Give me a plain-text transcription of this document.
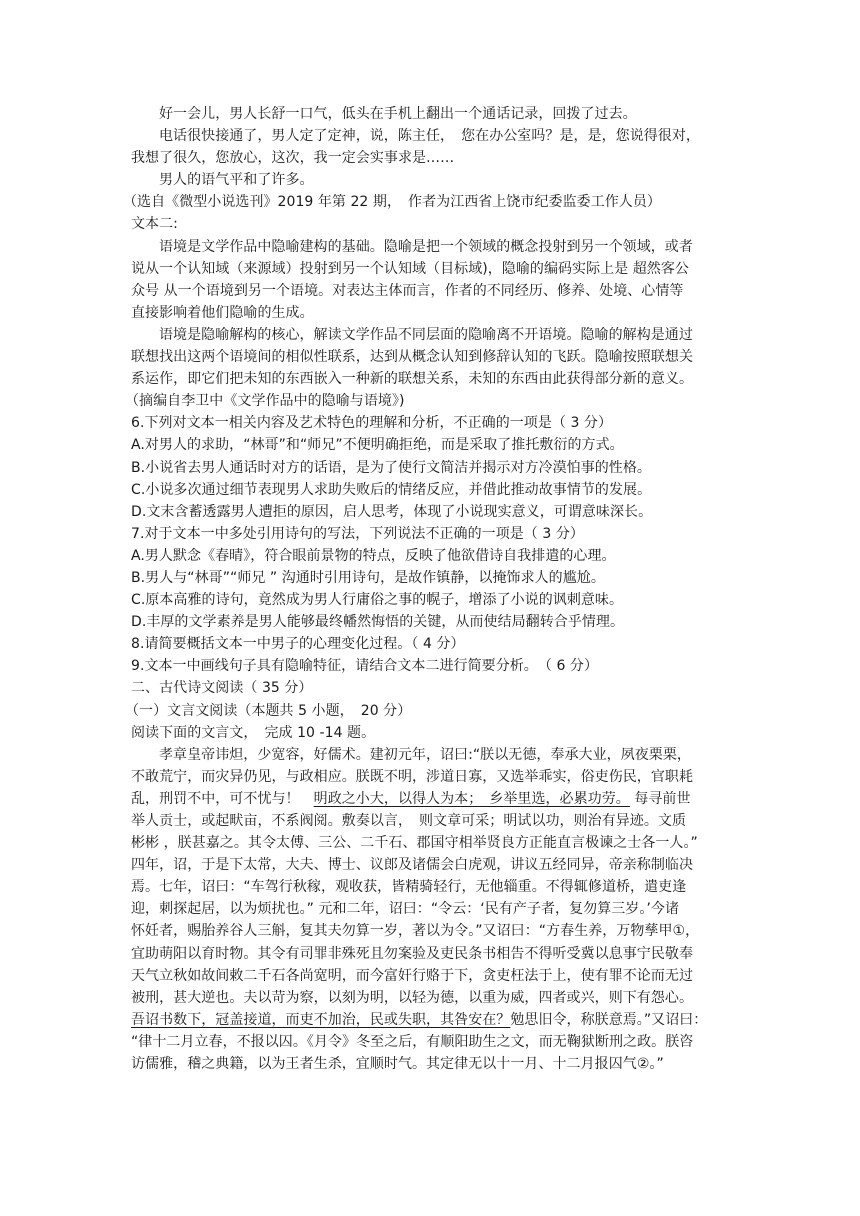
好一会儿，男人长舒一口气，低头在手机上翻出一个通话记录，回拨了过去。
电话很快接通了，男人定了定神，说，陈主任，　您在办公室吗？是，是，您说得很对，
我想了很久，您放心，这次，我一定会实事求是……
男人的语气平和了许多。
（选自《微型小说选刊》2019 年第 22 期，　作者为江西省上饶市纪委监委工作人员）
文本二:
语境是文学作品中隐喻建构的基础。隐喻是把一个领域的概念投射到另一个领域，或者
说从一个认知域（来源域）投射到另一个认知域（目标域)，隐喻的编码实际上是 超然客公
众号 从一个语境到另一个语境。对表达主体而言，作者的不同经历、修养、处境、心情等
直接影响着他们隐喻的生成。
语境是隐喻解构的核心，解读文学作品不同层面的隐喻离不开语境。隐喻的解构是通过
联想找出这两个语境间的相似性联系，达到从概念认知到修辞认知的飞跃。隐喻按照联想关
系运作，即它们把未知的东西嵌入一种新的联想关系，未知的东西由此获得部分新的意义。
（摘编自李卫中《文学作品中的隐喻与语境》)
6.下列对文本一相关内容及艺术特色的理解和分析，不正确的一项是（ 3 分）
A.对男人的求助，“林哥”和“师兄”不便明确拒绝，而是采取了推托敷衍的方式。
B.小说省去男人通话时对方的话语，是为了使行文简洁并揭示对方冷漠怕事的性格。
C.小说多次通过细节表现男人求助失败后的情绪反应，并借此推动故事情节的发展。
D.文末含蓄透露男人遭拒的原因，启人思考，体现了小说现实意义，可谓意味深长。
7.对于文本一中多处引用诗句的写法，下列说法不正确的一项是（ 3 分）
A.男人默念《春晴》，符合眼前景物的特点，反映了他欲借诗自我排遣的心理。
B.男人与“林哥”“师兄 ” 沟通时引用诗句，是故作镇静，以掩饰求人的尴尬。
C.原本高雅的诗句，竟然成为男人行庸俗之事的幌子，增添了小说的讽刺意味。
D.丰厚的文学素养是男人能够最终幡然悔悟的关键，从而使结局翻转合乎情理。
8.请简要概括文本一中男子的心理变化过程。（ 4 分）
9.文本一中画线句子具有隐喻特征，请结合文本二进行简要分析。　（ 6 分）
二、古代诗文阅读（ 35 分）
（一）文言文阅读（本题共 5 小题，　20 分）
阅读下面的文言文，　完成 10 -14 题。
孝章皇帝讳炟，少宽容，好儒术。建初元年，诏曰:“朕以无德，奉承大业，夙夜栗栗，
不敢荒宁，而灾异仍见，与政相应。朕既不明，涉道日寡，又选举乖实，俗吏伤民，官职耗
乱，刑罚不中，可不忧与！　明政之小大，以得人为本；　乡举里选，必累功劳。 每寻前世
举人贡士，或起畎亩，不系阀阅。敷奏以言，　则文章可采；明试以功，则治有异迹。文质
彬彬 ，朕甚嘉之。其令太傅、三公、二千石、郡国守相举贤良方正能直言极谏之士各一人。”
四年，诏，于是下太常，大夫、博士、议郎及诸儒会白虎观，讲议五经同异，帝亲称制临决
焉。七年，诏曰：“车驾行秋稼，观收获，皆精骑轻行，无他辎重。不得辄修道桥，遣吏逢
迎，刺探起居，以为烦扰也。” 元和二年，诏曰：“令云：‘民有产子者，复勿算三岁。’今诸
怀妊者，赐胎养谷人三斛，复其夫勿算一岁，著以为令。”又诏曰：“方春生养，万物孳甲①，
宜助萌阳以育时物。其令有司罪非殊死且勿案验及吏民条书相告不得听受冀以息事宁民敬奉
天气立秋如故间敕二千石各尚宽明，而今富奸行赂于下，贪吏枉法于上，使有罪不论而无过
被刑，甚大逆也。夫以苛为察，以刻为明，以轻为德，以重为威，四者或兴，则下有怨心。
吾诏书数下，冠盖接道，而吏不加治，民或失职，其咎安在？勉思旧令，称朕意焉。”又诏曰：
“律十二月立春，不报以囚。《月令》冬至之后，有顺阳助生之文，而无鞠狱断刑之政。朕咨
访儒雅，稽之典籍，以为王者生杀，宜顺时气。其定律无以十一月、十二月报囚气②。”
